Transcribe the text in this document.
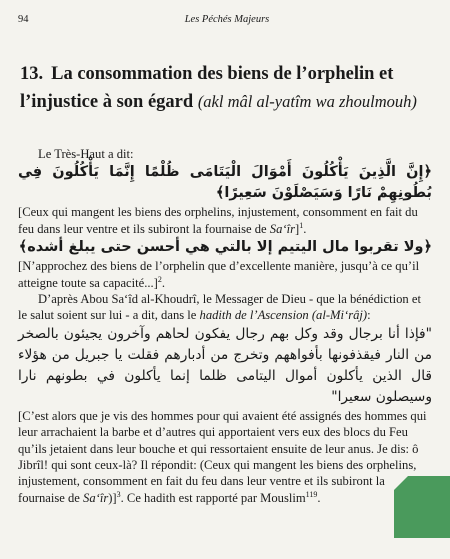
94	Les Péchés Majeurs
13. La consommation des biens de l’orphelin et l’injustice à son égard (akl mâl al-yatîm wa zhoulmouh)

Le Très-Haut a dit:

﴿إِنَّ الَّذِينَ يَأْكُلُونَ أَمْوَالَ الْيَتَامَى ظُلْمًا إِنَّمَا يَأْكُلُونَ فِي بُطُونِهِمْ نَارًا وَسَيَصْلَوْنَ سَعِيرًا﴾

[Ceux qui mangent les biens des orphelins, injustement, consomment en fait du feu dans leur ventre et ils subiront la fournaise de Sa‘îr]$^1$.

﴿ولا تقربوا مال اليتيم إلا بالتي هي أحسن حتى يبلغ أشده﴾

[N’approchez des biens de l’orphelin que d’excellente manière, jusqu’à ce qu’il atteigne toute sa capacité...]$^2$.

D’après Abou Sa‘îd al-Khoudrî, le Messager de Dieu - que la bénédiction et le salut soient sur lui - a dit, dans le hadith de l’Ascension (al-Mi‘râj):

"فإذا أنا برجال وقد وكل بهم رجال يفكون لحاهم وآخرون يجيئون بالصخر من النار فيقذفونها بأفواههم وتخرج من أدبارهم فقلت يا جبريل من هؤلاء قال الذين يأكلون أموال اليتامى ظلما إنما يأكلون في بطونهم نارا وسيصلون سعيرا"

[C’est alors que je vis des hommes pour qui avaient été assignés des hommes qui leur arrachaient la barbe et d’autres qui apportaient vers eux des blocs du Feu qu’ils jetaient dans leur bouche et qui ressortaient ensuite de leur anus. Je dis: ô Jibrîl! qui sont ceux-là? Il répondit: (Ceux qui mangent les biens des orphelins, injustement, consomment en fait du feu dans leur ventre et ils subiront la fournaise de Sa‘îr)]$^3$. Ce hadith est rapporté par Mouslim$^{119}$.
